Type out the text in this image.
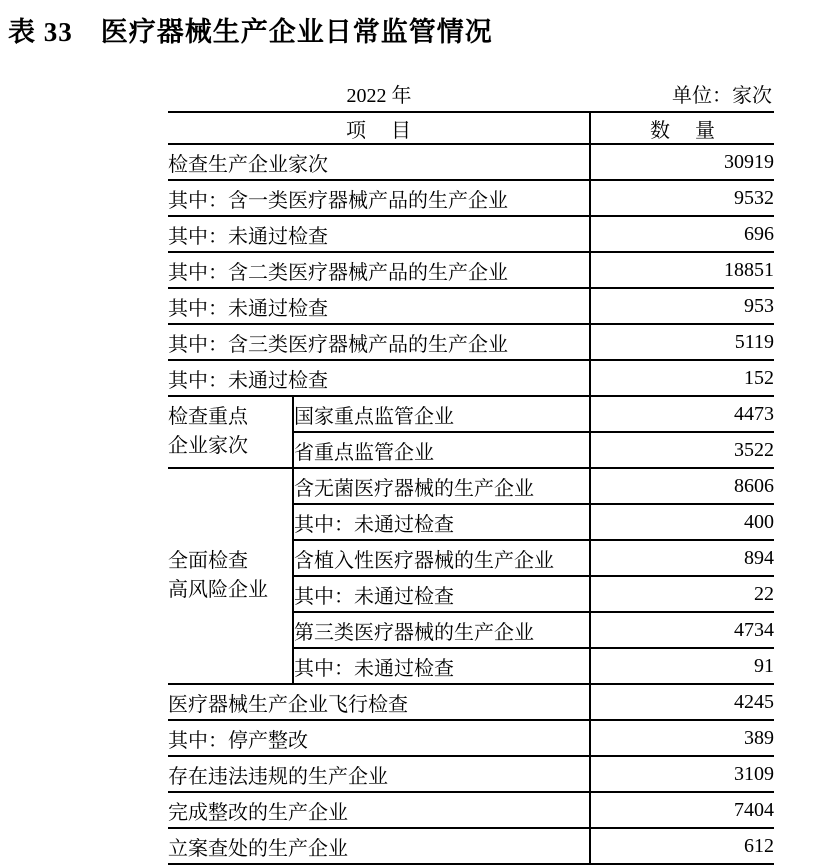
表 33　医疗器械生产企业日常监管情况
2022 年	单位：家次
项　 目		数　 量
检查生产企业家次		30919
其中：含一类医疗器械产品的生产企业		9532
其中：未通过检查		696
其中：含二类医疗器械产品的生产企业		18851
其中：未通过检查		953
其中：含三类医疗器械产品的生产企业		5119
其中：未通过检查		152

检查重点
企业家次	国家重点监管企业	4473
	省重点监管企业	3522

全面检查
高风险企业	含无菌医疗器械的生产企业	8606
	其中：未通过检查	400
	含植入性医疗器械的生产企业	894
	其中：未通过检查	22
	第三类医疗器械的生产企业	4734
	其中：未通过检查	91
医疗器械生产企业飞行检查		4245
其中：停产整改		389
存在违法违规的生产企业		3109
完成整改的生产企业		7404
立案查处的生产企业		612
